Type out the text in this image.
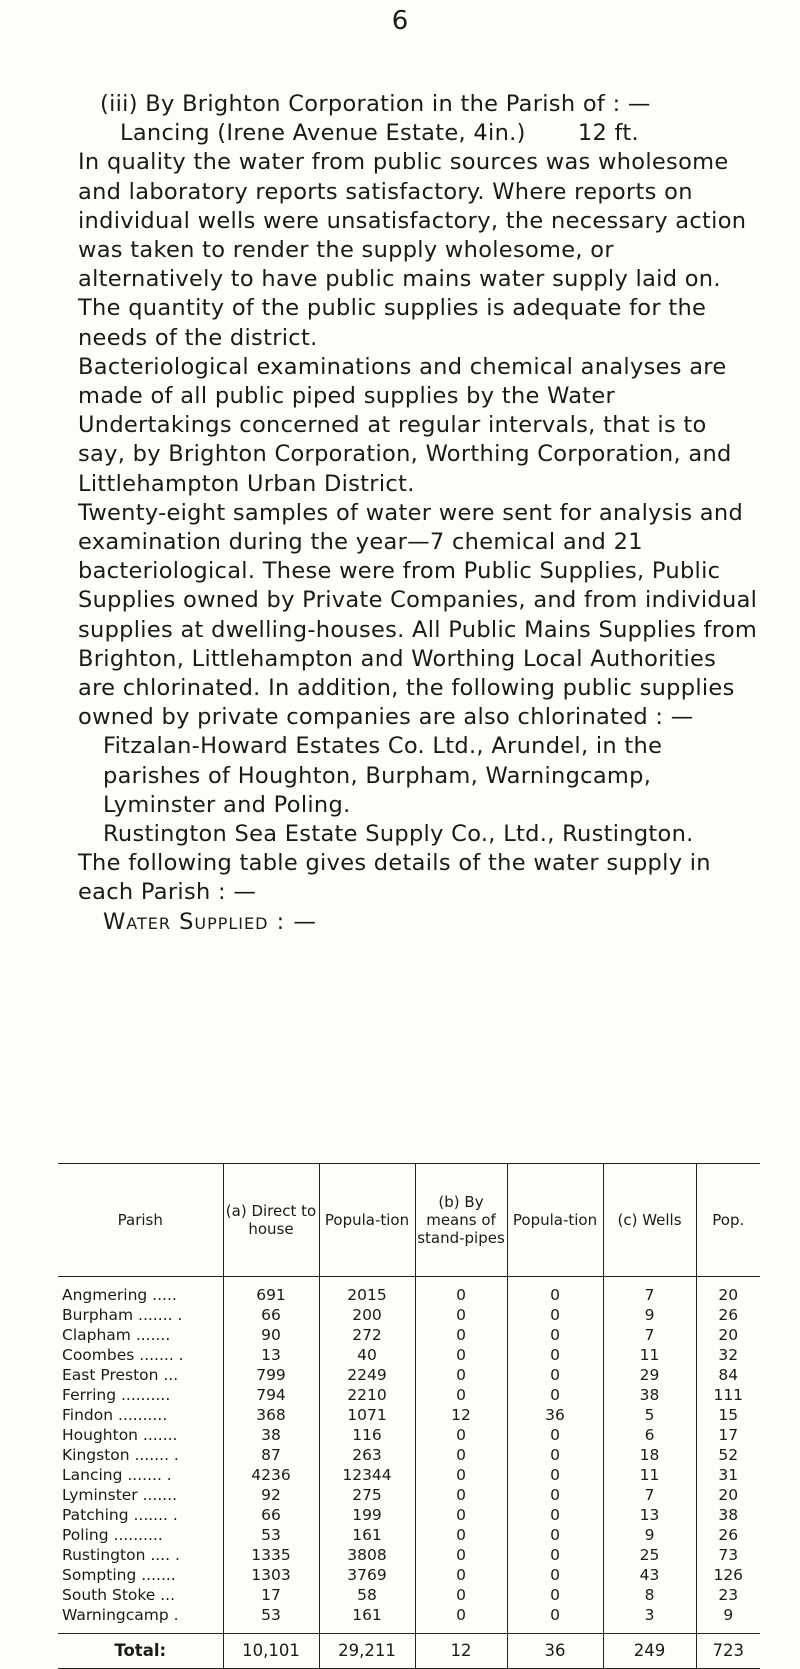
6

(iii) By Brighton Corporation in the Parish of : —

Lancing (Irene Avenue Estate, 4in.)       12 ft.

In quality the water from public sources was wholesome and laboratory reports satisfactory. Where reports on individual wells were unsatisfactory, the necessary action was taken to render the supply wholesome, or alternatively to have public mains water supply laid on.

The quantity of the public supplies is adequate for the needs of the district.

Bacteriological examinations and chemical analyses are made of all public piped supplies by the Water Undertakings concerned at regular intervals, that is to say, by Brighton Corporation, Worthing Corporation, and Littlehampton Urban District.

Twenty-eight samples of water were sent for analysis and examination during the year—7 chemical and 21 bacteriological. These were from Public Supplies, Public Supplies owned by Private Companies, and from individual supplies at dwelling-houses. All Public Mains Supplies from Brighton, Littlehampton and Worthing Local Authorities are chlorinated. In addition, the following public supplies owned by private companies are also chlorinated : —

Fitzalan-Howard Estates Co. Ltd., Arundel, in the parishes of Houghton, Burpham, Warningcamp, Lyminster and Poling.

Rustington Sea Estate Supply Co., Ltd., Rustington.

The following table gives details of the water supply in each Parish : —

Water Supplied : —

Parish	(a) Direct to house	Popula-tion	(b) By means of stand-pipes	Popula-tion	(c) Wells	Pop.

Angmering .....	691	2015	0	0	7	20
Burpham ....... .	66	200	0	0	9	26
Clapham .......	90	272	0	0	7	20
Coombes ....... .	13	40	0	0	11	32
East Preston ...	799	2249	0	0	29	84
Ferring ..........	794	2210	0	0	38	111
Findon ..........	368	1071	12	36	5	15
Houghton .......	38	116	0	0	6	17
Kingston ....... .	87	263	0	0	18	52
Lancing ....... .	4236	12344	0	0	11	31
Lyminster .......	92	275	0	0	7	20
Patching ....... .	66	199	0	0	13	38
Poling ..........	53	161	0	0	9	26
Rustington .... .	1335	3808	0	0	25	73
Sompting .......	1303	3769	0	0	43	126
South Stoke ...	17	58	0	0	8	23
Warningcamp .	53	161	0	0	3	9

Total:	10,101	29,211	12	36	249	723
